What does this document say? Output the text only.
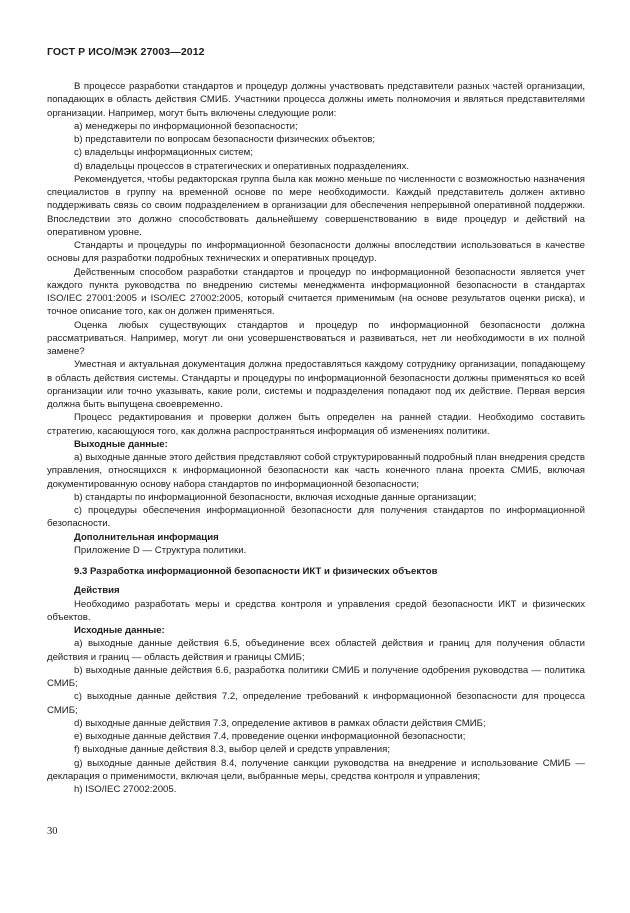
ГОСТ Р ИСО/МЭК 27003—2012

В процессе разработки стандартов и процедур должны участвовать представители разных частей организации, попадающих в область действия СМИБ. Участники процесса должны иметь полномочия и являться представителями организации. Например, могут быть включены следующие роли:

а) менеджеры по информационной безопасности;

b) представители по вопросам безопасности физических объектов;

c) владельцы информационных систем;

d) владельцы процессов в стратегических и оперативных подразделениях.

Рекомендуется, чтобы редакторская группа была как можно меньше по численности с возможностью назначения специалистов в группу на временной основе по мере необходимости. Каждый представитель должен активно поддерживать связь со своим подразделением в организации для обеспечения непрерывной оперативной поддержки. Впоследствии это должно способствовать дальнейшему совершенствованию в виде процедур и действий на оперативном уровне.

Стандарты и процедуры по информационной безопасности должны впоследствии использоваться в качестве основы для разработки подробных технических и оперативных процедур.

Действенным способом разработки стандартов и процедур по информационной безопасности является учет каждого пункта руководства по внедрению системы менеджмента информационной безопасности в стандартах ISO/IEC 27001:2005 и ISO/IEC 27002:2005, который считается применимым (на основе результатов оценки риска), и точное описание того, как он должен применяться.

Оценка любых существующих стандартов и процедур по информационной безопасности должна рассматриваться. Например, могут ли они усовершенствоваться и развиваться, нет ли необходимости в их полной замене?

Уместная и актуальная документация должна предоставляться каждому сотруднику организации, попадающему в область действия системы. Стандарты и процедуры по информационной безопасности должны применяться ко всей организации или точно указывать, какие роли, системы и подразделения попадают под их действие. Первая версия должна быть выпущена своевременно.

Процесс редактирования и проверки должен быть определен на ранней стадии. Необходимо составить стратегию, касающуюся того, как должна распространяться информация об изменениях политики.

Выходные данные:

а) выходные данные этого действия представляют собой структурированный подробный план внедрения средств управления, относящихся к информационной безопасности как часть конечного плана проекта СМИБ, включая документированную основу набора стандартов по информационной безопасности;

b) стандарты по информационной безопасности, включая исходные данные организации;

c) процедуры обеспечения информационной безопасности для получения стандартов по информационной безопасности.

Дополнительная информация

Приложение D — Структура политики.

9.3 Разработка информационной безопасности ИКТ и физических объектов

Действия

Необходимо разработать меры и средства контроля и управления средой безопасности ИКТ и физических объектов.

Исходные данные:

а) выходные данные действия 6.5, объединение всех областей действия и границ для получения области действия и границ — область действия и границы СМИБ;

b) выходные данные действия 6.6, разработка политики СМИБ и получение одобрения руководства — политика СМИБ;

c) выходные данные действия 7.2, определение требований к информационной безопасности для процесса СМИБ;

d) выходные данные действия 7.3, определение активов в рамках области действия СМИБ;

e) выходные данные действия 7.4, проведение оценки информационной безопасности;

f) выходные данные действия 8.3, выбор целей и средств управления;

g) выходные данные действия 8.4, получение санкции руководства на внедрение и использование СМИБ — декларация о применимости, включая цели, выбранные меры, средства контроля и управления;

h) ISO/IEC 27002:2005.

30
